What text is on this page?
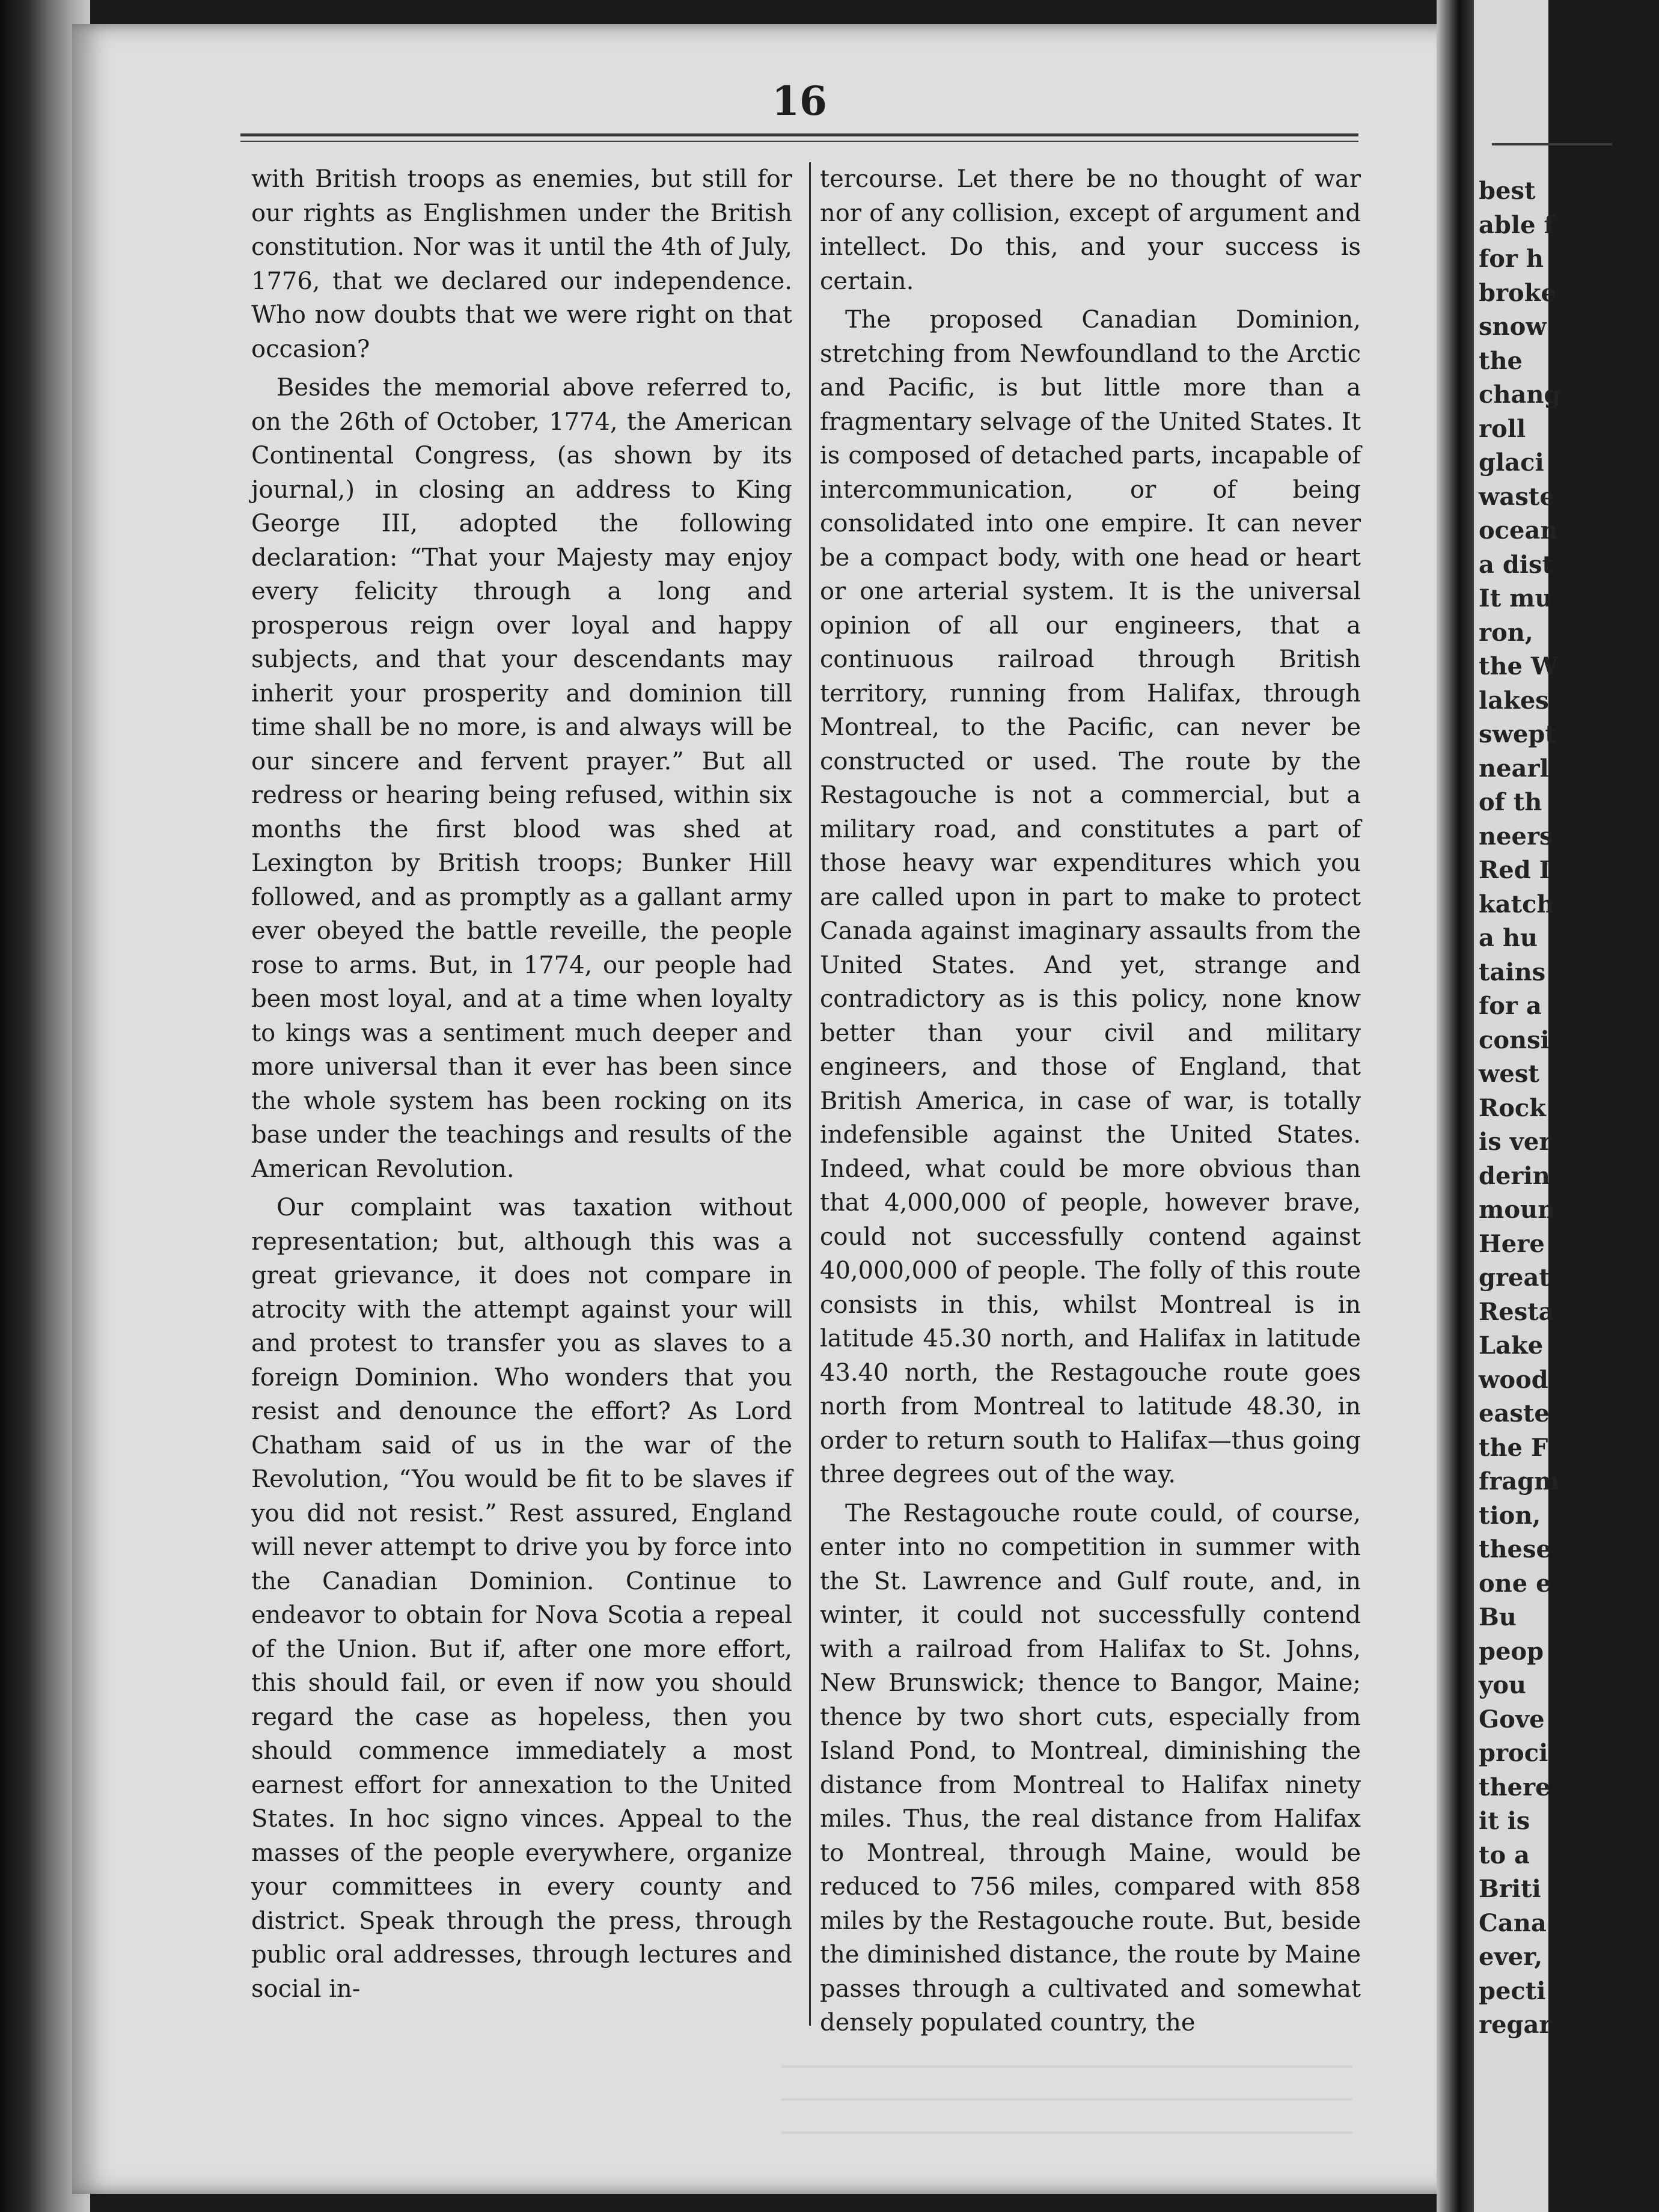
16

with British troops as enemies, but still for our rights as Englishmen under the British constitution. Nor was it until the 4th of July, 1776, that we declared our independence. Who now doubts that we were right on that occasion?

Besides the memorial above referred to, on the 26th of October, 1774, the American Continental Congress, (as shown by its journal,) in closing an address to King George III, adopted the following declaration: “That your Majesty may enjoy every felicity through a long and prosperous reign over loyal and happy subjects, and that your descendants may inherit your prosperity and dominion till time shall be no more, is and always will be our sincere and fervent prayer.” But all redress or hearing being refused, within six months the first blood was shed at Lexington by British troops; Bunker Hill followed, and as promptly as a gallant army ever obeyed the battle reveille, the people rose to arms. But, in 1774, our people had been most loyal, and at a time when loyalty to kings was a sentiment much deeper and more universal than it ever has been since the whole system has been rocking on its base under the teachings and results of the American Revolution.

Our complaint was taxation without representation; but, although this was a great grievance, it does not compare in atrocity with the attempt against your will and protest to transfer you as slaves to a foreign Dominion. Who wonders that you resist and denounce the effort? As Lord Chatham said of us in the war of the Revolution, “You would be fit to be slaves if you did not resist.” Rest assured, England will never attempt to drive you by force into the Canadian Dominion. Continue to endeavor to obtain for Nova Scotia a repeal of the Union. But if, after one more effort, this should fail, or even if now you should regard the case as hopeless, then you should commence immediately a most earnest effort for annexation to the United States. In hoc signo vinces. Appeal to the masses of the people everywhere, organize your committees in every county and district. Speak through the press, through public oral addresses, through lectures and social in-

tercourse. Let there be no thought of war nor of any collision, except of argument and intellect. Do this, and your success is certain.

The proposed Canadian Dominion, stretching from Newfoundland to the Arctic and Pacific, is but little more than a fragmentary selvage of the United States. It is composed of detached parts, incapable of intercommunication, or of being consolidated into one empire. It can never be a compact body, with one head or heart or one arterial system. It is the universal opinion of all our engineers, that a continuous railroad through British territory, running from Halifax, through Montreal, to the Pacific, can never be constructed or used. The route by the Restagouche is not a commercial, but a military road, and constitutes a part of those heavy war expenditures which you are called upon in part to make to protect Canada against imaginary assaults from the United States. And yet, strange and contradictory as is this policy, none know better than your civil and military engineers, and those of England, that British America, in case of war, is totally indefensible against the United States. Indeed, what could be more obvious than that 4,000,000 of people, however brave, could not successfully contend against 40,000,000 of people. The folly of this route consists in this, whilst Montreal is in latitude 45.30 north, and Halifax in latitude 43.40 north, the Restagouche route goes north from Montreal to latitude 48.30, in order to return south to Halifax—thus going three degrees out of the way.

The Restagouche route could, of course, enter into no competition in summer with the St. Lawrence and Gulf route, and, in winter, it could not successfully contend with a railroad from Halifax to St. Johns, New Brunswick; thence to Bangor, Maine; thence by two short cuts, especially from Island Pond, to Montreal, diminishing the distance from Montreal to Halifax ninety miles. Thus, the real distance from Halifax to Montreal, through Maine, would be reduced to 756 miles, compared with 858 miles by the Restagouche route. But, beside the diminished distance, the route by Maine passes through a cultivated and somewhat densely populated country, the

best
able f
for h
broke
snow
the
chang
roll
glaci
waste
ocean
a dist
It mu
ron,
the W
lakes
swept
nearl
of th
neers
Red I
katch
a hu
tains
for a
consi
west
Rock
is ver
derin
moun
Here
great
Resta
Lake
wood
easte
the F
fragm
tion,
these
one e
Bu
peop
you
Gove
proci
there
it is
to a
Briti
Cana
ever,
pecti
regar
